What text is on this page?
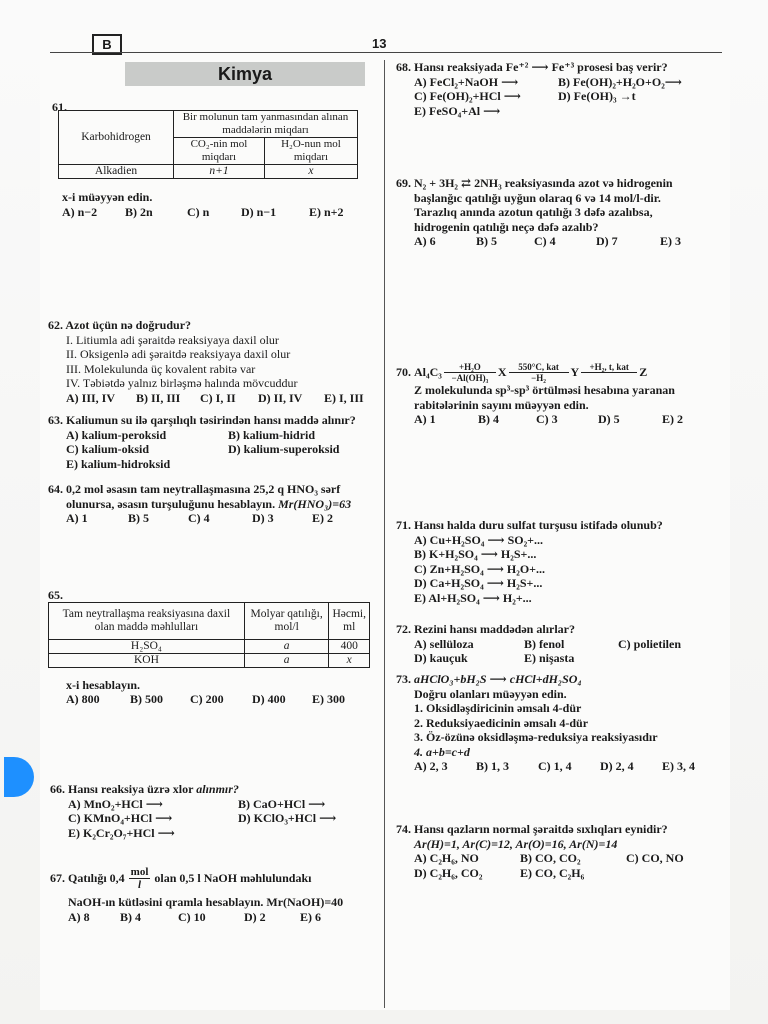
B	13
Kimya
61.
Karbohidrogen	Bir molunun tam yanmasından alınan maddələrin miqdarı	
	CO₂-nin mol miqdarı	H₂O-nun mol miqdarı
Alkadien	n+1	x
x-i müəyyən edin.
A) n−2	B) 2n	C) n	D) n−1	E) n+2
62. Azot üçün nə doğrudur?
I. Litiumla adi şəraitdə reaksiyaya daxil olur
II. Oksigenlə adi şəraitdə reaksiyaya daxil olur
III. Molekulunda üç kovalent rabitə var
IV. Təbiətdə yalnız birləşmə halında mövcuddur
A) III, IV	B) II, III	C) I, II	D) II, IV	E) I, III
63. Kaliumun su ilə qarşılıqlı təsirindən hansı maddə alınır?
A) kalium-peroksid	B) kalium-hidrid
C) kalium-oksid	D) kalium-superoksid
E) kalium-hidroksid
64. 0,2 mol əsasın tam neytrallaşmasına 25,2 q HNO₃ sərf
olunursa, əsasın turşuluğunu hesablayın. Mr(HNO₃)=63
A) 1	B) 5	C) 4	D) 3	E) 2
65.
Tam neytrallaşma reaksiyasına daxil olan maddə məhlulları	Molyar qatılığı, mol/l	Həcmi, ml
H₂SO₄	a	400
KOH	a	x
x-i hesablayın.
A) 800	B) 500	C) 200	D) 400	E) 300
66. Hansı reaksiya üzrə xlor alınmır?
A) MnO₂+HCl ⟶	B) CaO+HCl ⟶
C) KMnO₄+HCl ⟶	D) KClO₃+HCl ⟶
E) K₂Cr₂O₇+HCl ⟶
67.
Qatılığı 0,4 mol
l olan 0,5 l NaOH məhlulundakı
NaOH-ın kütləsini qramla hesablayın. Mr(NaOH)=40
A) 8	B) 4	C) 10	D) 2	E) 6
68. Hansı reaksiyada Fe⁺² ⟶ Fe⁺³ prosesi baş verir?
A) FeCl₂+NaOH ⟶	B) Fe(OH)₂+H₂O+O₂⟶
C) Fe(OH)₂+HCl ⟶	D) Fe(OH)₃ →t
E) FeSO₄+Al ⟶
69. N₂ + 3H₂ ⇄ 2NH₃ reaksiyasında azot və hidrogenin
başlanğıc qatılığı uyğun olaraq 6 və 14 mol/l-dir.
Tarazlıq anında azotun qatılığı 3 dəfə azalıbsa,
hidrogenin qatılığı neçə dəfə azalıb?
A) 6	B) 5	C) 4	D) 7	E) 3
70.
Al₄C₃ +H₂O
−Al(OH)₃ X 550°C, kat
−H₂ Y +H₂, t, kat
Z
Z molekulunda sp³-sp³ örtülməsi hesabına yaranan
rabitələrinin sayını müəyyən edin.
A) 1	B) 4	C) 3	D) 5	E) 2
71. Hansı halda duru sulfat turşusu istifadə olunub?
A) Cu+H₂SO₄ ⟶ SO₂+...
B) K+H₂SO₄ ⟶ H₂S+...
C) Zn+H₂SO₄ ⟶ H₂O+...
D) Ca+H₂SO₄ ⟶ H₂S+...
E) Al+H₂SO₄ ⟶ H₂+...
72. Rezini hansı maddədən alırlar?
A) sellüloza	B) fenol	C) polietilen
D) kauçuk	E) nişasta
73. aHClO₃+bH₂S ⟶ cHCl+dH₂SO₄
Doğru olanları müəyyən edin.
1. Oksidləşdiricinin əmsalı 4-dür
2. Reduksiyaedicinin əmsalı 4-dür
3. Öz-özünə oksidləşmə-reduksiya reaksiyasıdır
4. a+b=c+d
A) 2, 3	B) 1, 3	C) 1, 4	D) 2, 4	E) 3, 4
74. Hansı qazların normal şəraitdə sıxlıqları eynidir?
Ar(H)=1, Ar(C)=12, Ar(O)=16, Ar(N)=14
A) C₂H₆, NO	B) CO, CO₂	C) CO, NO
D) C₂H₆, CO₂	E) CO, C₂H₆
